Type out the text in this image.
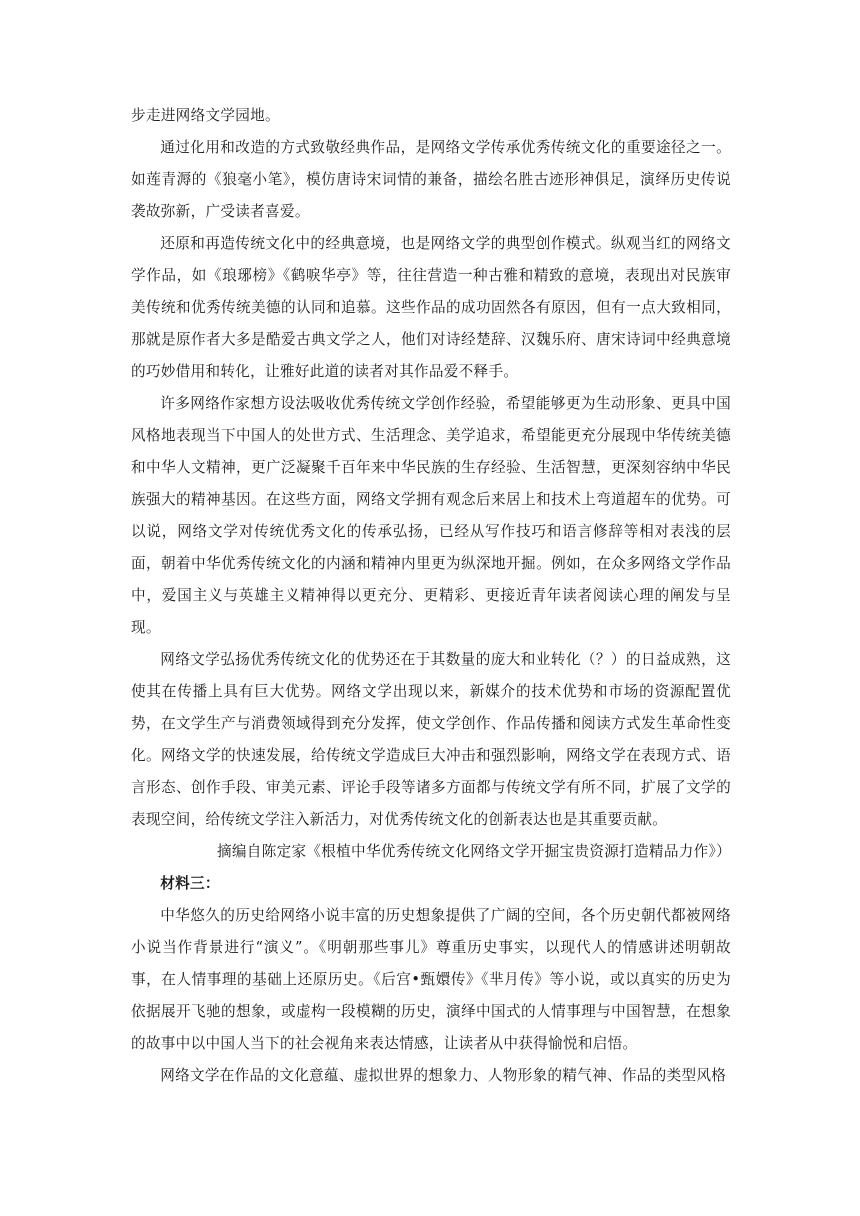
步走进网络文学园地。

通过化用和改造的方式致敬经典作品，是网络文学传承优秀传统文化的重要途径之一。如莲青溽的《狼毫小笔》，模仿唐诗宋词情的兼备，描绘名胜古迹形神俱足，演绎历史传说袭故弥新，广受读者喜爱。

还原和再造传统文化中的经典意境，也是网络文学的典型创作模式。纵观当红的网络文学作品，如《琅琊榜》《鹤唳华亭》等，往往营造一种古雅和精致的意境，表现出对民族审美传统和优秀传统美德的认同和追慕。这些作品的成功固然各有原因，但有一点大致相同，那就是原作者大多是酷爱古典文学之人，他们对诗经楚辞、汉魏乐府、唐宋诗词中经典意境的巧妙借用和转化，让雅好此道的读者对其作品爱不释手。

许多网络作家想方设法吸收优秀传统文学创作经验，希望能够更为生动形象、更具中国风格地表现当下中国人的处世方式、生活理念、美学追求，希望能更充分展现中华传统美德和中华人文精神，更广泛凝聚千百年来中华民族的生存经验、生活智慧，更深刻容纳中华民族强大的精神基因。在这些方面，网络文学拥有观念后来居上和技术上弯道超车的优势。可以说，网络文学对传统优秀文化的传承弘扬，已经从写作技巧和语言修辞等相对表浅的层面，朝着中华优秀传统文化的内涵和精神内里更为纵深地开掘。例如，在众多网络文学作品中，爱国主义与英雄主义精神得以更充分、更精彩、更接近青年读者阅读心理的阐发与呈现。

网络文学弘扬优秀传统文化的优势还在于其数量的庞大和业转化（？）的日益成熟，这使其在传播上具有巨大优势。网络文学出现以来，新媒介的技术优势和市场的资源配置优势，在文学生产与消费领域得到充分发挥，使文学创作、作品传播和阅读方式发生革命性变化。网络文学的快速发展，给传统文学造成巨大冲击和强烈影响，网络文学在表现方式、语言形态、创作手段、审美元素、评论手段等诸多方面都与传统文学有所不同，扩展了文学的表现空间，给传统文学注入新活力，对优秀传统文化的创新表达也是其重要贡献。

摘编自陈定家《根植中华优秀传统文化网络文学开掘宝贵资源打造精品力作》）

材料三：

中华悠久的历史给网络小说丰富的历史想象提供了广阔的空间，各个历史朝代都被网络小说当作背景进行“演义”。《明朝那些事儿》尊重历史事实，以现代人的情感讲述明朝故事，在人情事理的基础上还原历史。《后宫•甄嬛传》《芈月传》等小说，或以真实的历史为依据展开飞驰的想象，或虚构一段模糊的历史，演绎中国式的人情事理与中国智慧，在想象的故事中以中国人当下的社会视角来表达情感，让读者从中获得愉悦和启悟。

网络文学在作品的文化意蕴、虚拟世界的想象力、人物形象的精气神、作品的类型风格
